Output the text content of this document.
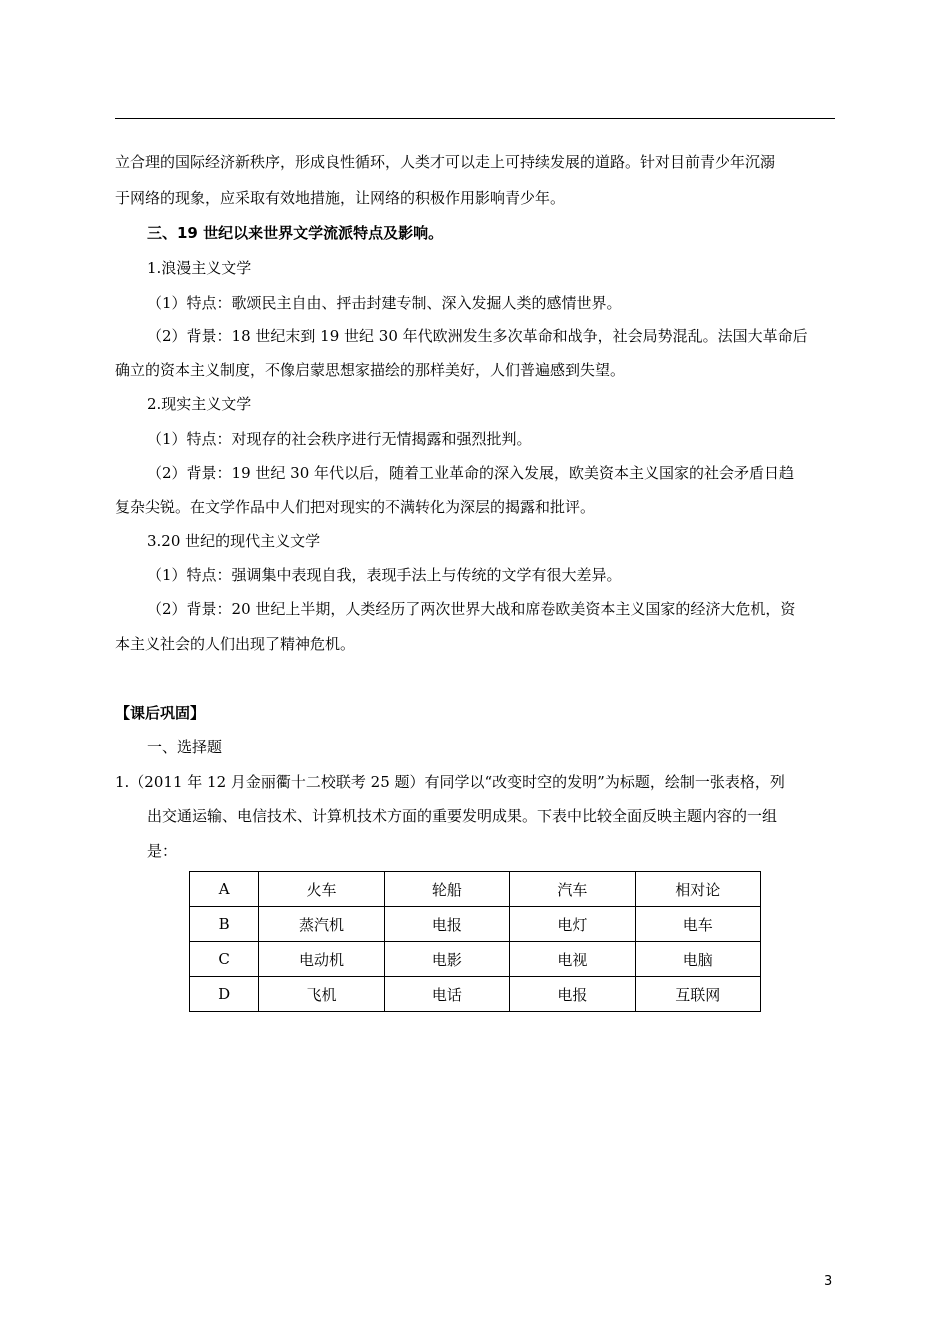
立合理的国际经济新秩序，形成良性循环，人类才可以走上可持续发展的道路。针对目前青少年沉溺
于网络的现象，应采取有效地措施，让网络的积极作用影响青少年。
三、19 世纪以来世界文学流派特点及影响。
1.浪漫主义文学
（1）特点：歌颂民主自由、抨击封建专制、深入发掘人类的感情世界。
（2）背景：18 世纪末到 19 世纪 30 年代欧洲发生多次革命和战争，社会局势混乱。法国大革命后
确立的资本主义制度，不像启蒙思想家描绘的那样美好，人们普遍感到失望。
2.现实主义文学
（1）特点：对现存的社会秩序进行无情揭露和强烈批判。
（2）背景：19 世纪 30 年代以后，随着工业革命的深入发展，欧美资本主义国家的社会矛盾日趋
复杂尖锐。在文学作品中人们把对现实的不满转化为深层的揭露和批评。
3.20 世纪的现代主义文学
（1）特点：强调集中表现自我，表现手法上与传统的文学有很大差异。
（2）背景：20 世纪上半期，人类经历了两次世界大战和席卷欧美资本主义国家的经济大危机，资
本主义社会的人们出现了精神危机。
【课后巩固】
一、选择题
1.（2011 年 12 月金丽衢十二校联考 25 题）有同学以“改变时空的发明”为标题，绘制一张表格，列
出交通运输、电信技术、计算机技术方面的重要发明成果。下表中比较全面反映主题内容的一组
是：
A	火车	轮船	汽车	相对论
B	蒸汽机	电报	电灯	电车
C	电动机	电影	电视	电脑
D	飞机	电话	电报	互联网
3
